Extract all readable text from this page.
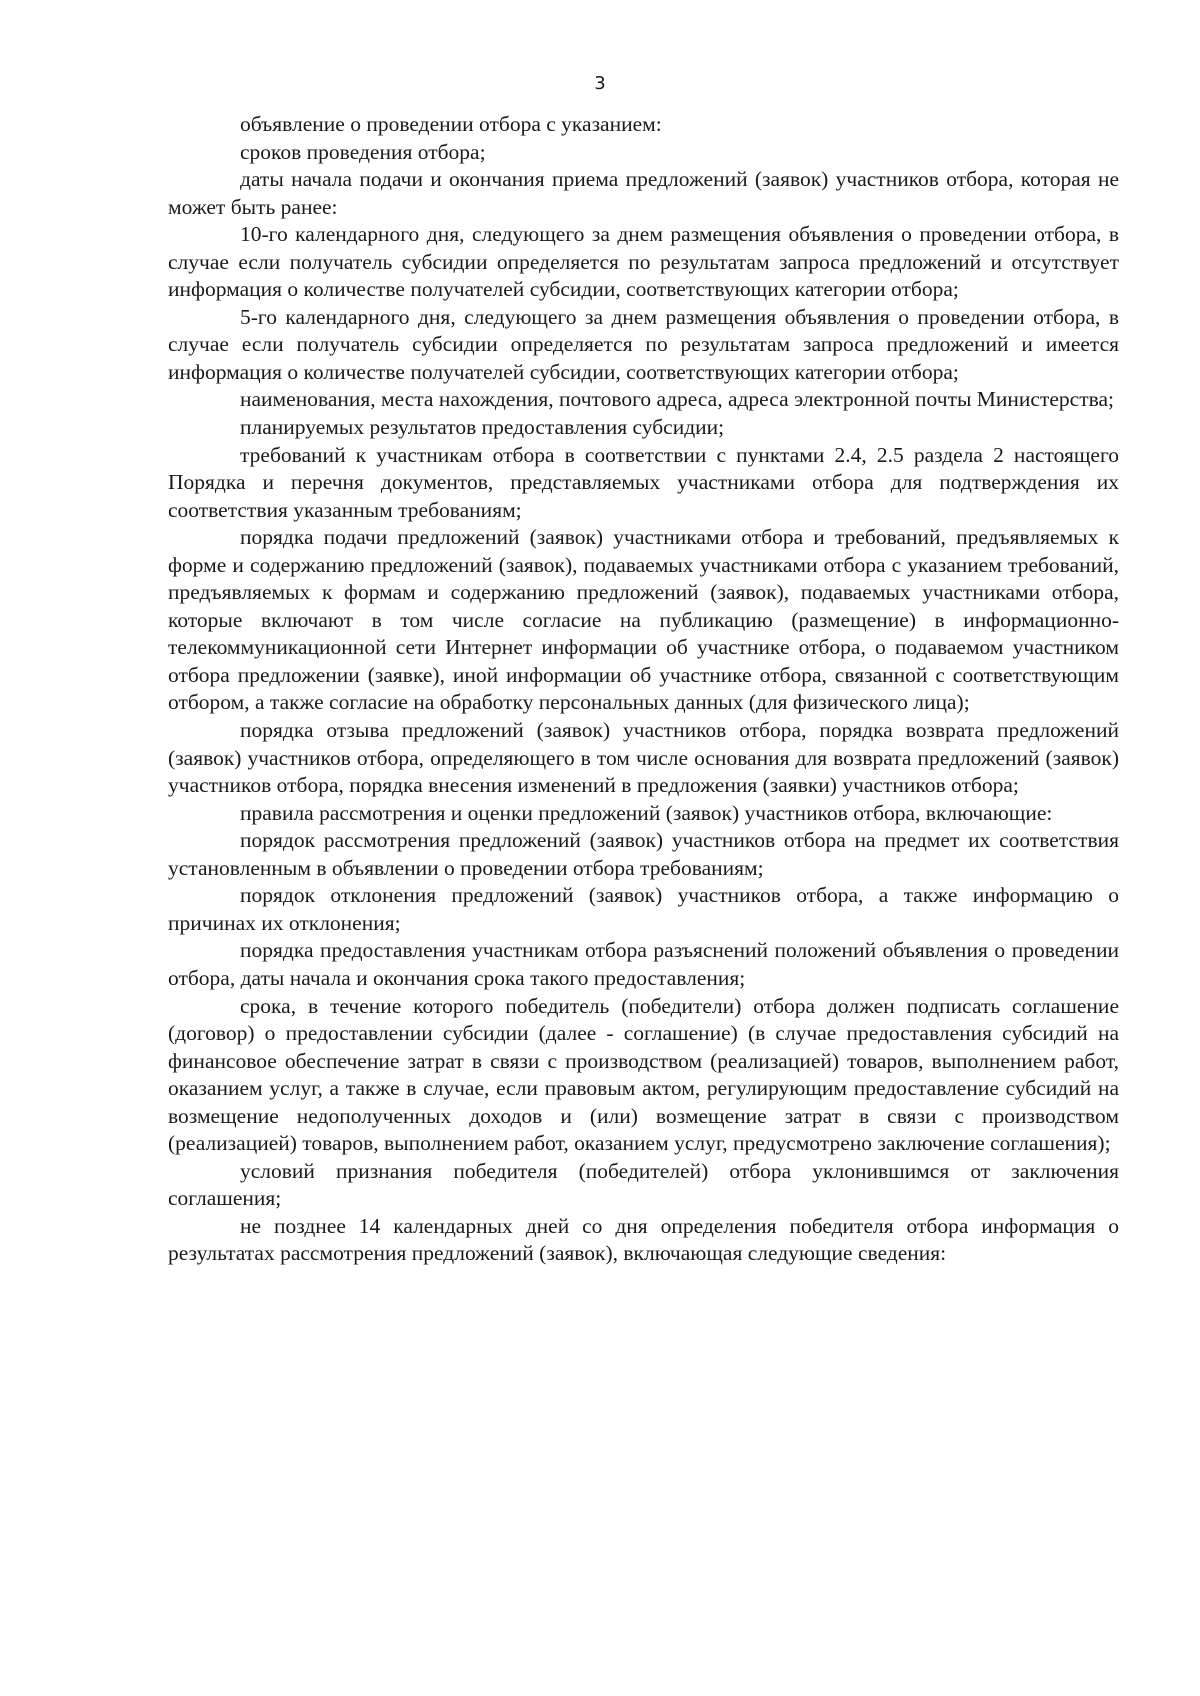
3

объявление о проведении отбора с указанием:

сроков проведения отбора;

даты начала подачи и окончания приема предложений (заявок) участников отбора, которая не может быть ранее:

10-го календарного дня, следующего за днем размещения объявления о проведении отбора, в случае если получатель субсидии определяется по результатам запроса предложений и отсутствует информация о количестве получателей субсидии, соответствующих категории отбора;

5-го календарного дня, следующего за днем размещения объявления о проведении отбора, в случае если получатель субсидии определяется по результатам запроса предложений и имеется информация о количестве получателей субсидии, соответствующих категории отбора;

наименования, места нахождения, почтового адреса, адреса электронной почты Министерства;

планируемых результатов предоставления субсидии;

требований к участникам отбора в соответствии с пунктами 2.4, 2.5 раздела 2 настоящего Порядка и перечня документов, представляемых участниками отбора для подтверждения их соответствия указанным требованиям;

порядка подачи предложений (заявок) участниками отбора и требований, предъявляемых к форме и содержанию предложений (заявок), подаваемых участниками отбора с указанием требований, предъявляемых к формам и содержанию предложений (заявок), подаваемых участниками отбора, которые включают в том числе согласие на публикацию (размещение) в информационно-телекоммуникационной сети Интернет информации об участнике отбора, о подаваемом участником отбора предложении (заявке), иной информации об участнике отбора, связанной с соответствующим отбором, а также согласие на обработку персональных данных (для физического лица);

порядка отзыва предложений (заявок) участников отбора, порядка возврата предложений (заявок) участников отбора, определяющего в том числе основания для возврата предложений (заявок) участников отбора, порядка внесения изменений в предложения (заявки) участников отбора;

правила рассмотрения и оценки предложений (заявок) участников отбора, включающие:

порядок рассмотрения предложений (заявок) участников отбора на предмет их соответствия установленным в объявлении о проведении отбора требованиям;

порядок отклонения предложений (заявок) участников отбора, а также информацию о причинах их отклонения;

порядка предоставления участникам отбора разъяснений положений объявления о проведении отбора, даты начала и окончания срока такого предоставления;

срока, в течение которого победитель (победители) отбора должен подписать соглашение (договор) о предоставлении субсидии (далее - соглашение) (в случае предоставления субсидий на финансовое обеспечение затрат в связи с производством (реализацией) товаров, выполнением работ, оказанием услуг, а также в случае, если правовым актом, регулирующим предоставление субсидий на возмещение недополученных доходов и (или) возмещение затрат в связи с производством (реализацией) товаров, выполнением работ, оказанием услуг, предусмотрено заключение соглашения);

условий признания победителя (победителей) отбора уклонившимся от заключения соглашения;

не позднее 14 календарных дней со дня определения победителя отбора информация о результатах рассмотрения предложений (заявок), включающая следующие сведения:
